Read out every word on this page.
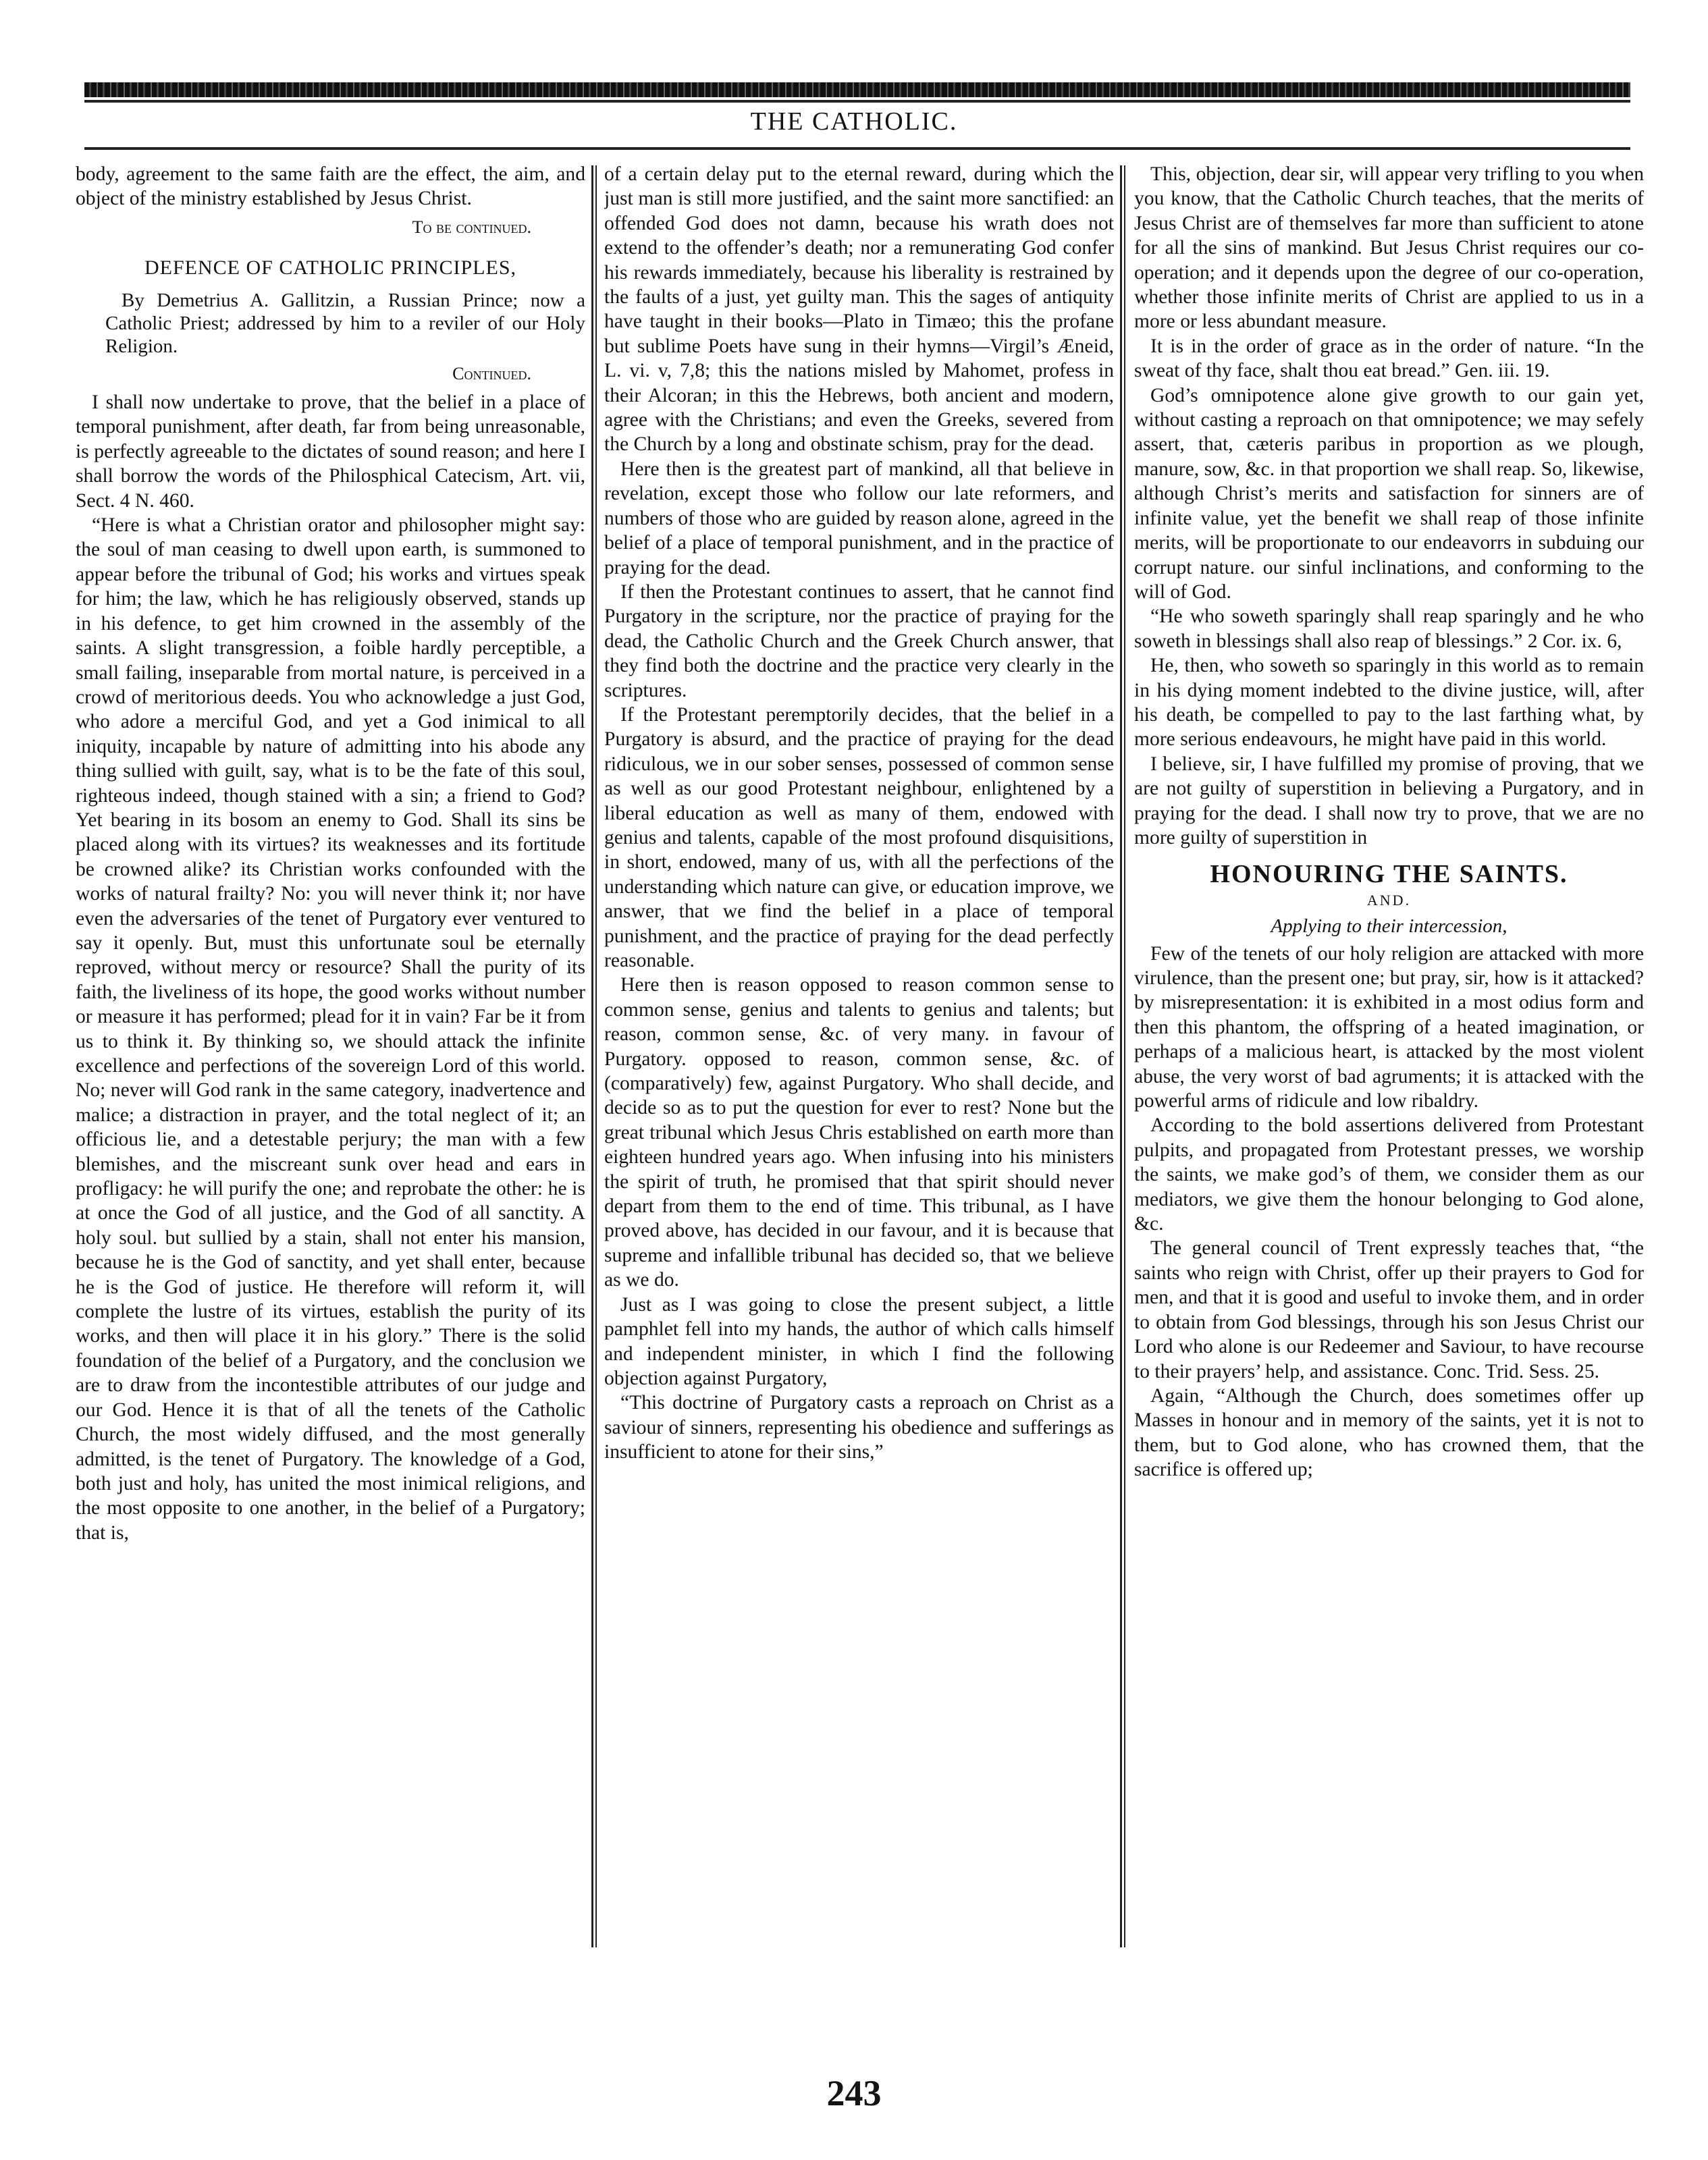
THE CATHOLIC.

body, agreement to the same faith are the effect, the aim, and object of the ministry established by Jesus Christ.

To be continued.
DEFENCE OF CATHOLIC PRINCIPLES,

By Demetrius A. Gallitzin, a Russian Prince; now a Catholic Priest; addressed by him to a reviler of our Holy Religion.

Continued.

I shall now undertake to prove, that the belief in a place of temporal punishment, after death, far from being unreasonable, is perfectly agreeable to the dictates of sound reason; and here I shall borrow the words of the Philosphical Catecism, Art. vii, Sect. 4 N. 460.

“Here is what a Christian orator and philosopher might say: the soul of man ceasing to dwell upon earth, is summoned to appear before the tribunal of God; his works and virtues speak for him; the law, which he has religiously observed, stands up in his defence, to get him crowned in the assembly of the saints. A slight transgression, a foible hardly perceptible, a small failing, inseparable from mortal nature, is perceived in a crowd of meritorious deeds. You who acknowledge a just God, who adore a merciful God, and yet a God inimical to all iniquity, incapable by nature of admitting into his abode any thing sullied with guilt, say, what is to be the fate of this soul, righteous indeed, though stained with a sin; a friend to God? Yet bearing in its bosom an enemy to God. Shall its sins be placed along with its virtues? its weaknesses and its fortitude be crowned alike? its Christian works confounded with the works of natural frailty? No: you will never think it; nor have even the adversaries of the tenet of Purgatory ever ventured to say it openly. But, must this unfortunate soul be eternally reproved, without mercy or resource? Shall the purity of its faith, the liveliness of its hope, the good works without number or measure it has performed; plead for it in vain? Far be it from us to think it. By thinking so, we should attack the infinite excellence and perfections of the sovereign Lord of this world. No; never will God rank in the same category, inadvertence and malice; a distraction in prayer, and the total neglect of it; an officious lie, and a detestable perjury; the man with a few blemishes, and the miscreant sunk over head and ears in profligacy: he will purify the one; and reprobate the other: he is at once the God of all justice, and the God of all sanctity. A holy soul. but sullied by a stain, shall not enter his mansion, because he is the God of sanctity, and yet shall enter, because he is the God of justice. He therefore will reform it, will complete the lustre of its virtues, establish the purity of its works, and then will place it in his glory.” There is the solid foundation of the belief of a Purgatory, and the conclusion we are to draw from the incontestible attributes of our judge and our God. Hence it is that of all the tenets of the Catholic Church, the most widely diffused, and the most generally admitted, is the tenet of Purgatory. The knowledge of a God, both just and holy, has united the most inimical religions, and the most opposite to one another, in the belief of a Purgatory; that is,

of a certain delay put to the eternal reward, during which the just man is still more justified, and the saint more sanctified: an offended God does not damn, because his wrath does not extend to the offender’s death; nor a remunerating God confer his rewards immediately, because his liberality is restrained by the faults of a just, yet guilty man. This the sages of antiquity have taught in their books—Plato in Timæo; this the profane but sublime Poets have sung in their hymns—Virgil’s Æneid, L. vi. v, 7,8; this the nations misled by Mahomet, profess in their Alcoran; in this the Hebrews, both ancient and modern, agree with the Christians; and even the Greeks, severed from the Church by a long and obstinate schism, pray for the dead.

Here then is the greatest part of mankind, all that believe in revelation, except those who follow our late reformers, and numbers of those who are guided by reason alone, agreed in the belief of a place of temporal punishment, and in the practice of praying for the dead.

If then the Protestant continues to assert, that he cannot find Purgatory in the scripture, nor the practice of praying for the dead, the Catholic Church and the Greek Church answer, that they find both the doctrine and the practice very clearly in the scriptures.

If the Protestant peremptorily decides, that the belief in a Purgatory is absurd, and the practice of praying for the dead ridiculous, we in our sober senses, possessed of common sense as well as our good Protestant neighbour, enlightened by a liberal education as well as many of them, endowed with genius and talents, capable of the most profound disquisitions, in short, endowed, many of us, with all the perfections of the understanding which nature can give, or education improve, we answer, that we find the belief in a place of temporal punishment, and the practice of praying for the dead perfectly reasonable.

Here then is reason opposed to reason common sense to common sense, genius and talents to genius and talents; but reason, common sense, &c. of very many. in favour of Purgatory. opposed to reason, common sense, &c. of (comparatively) few, against Purgatory. Who shall decide, and decide so as to put the question for ever to rest? None but the great tribunal which Jesus Chris established on earth more than eighteen hundred years ago. When infusing into his ministers the spirit of truth, he promised that that spirit should never depart from them to the end of time. This tribunal, as I have proved above, has decided in our favour, and it is because that supreme and infallible tribunal has decided so, that we believe as we do.

Just as I was going to close the present subject, a little pamphlet fell into my hands, the author of which calls himself and independent minister, in which I find the following objection against Purgatory,

“This doctrine of Purgatory casts a reproach on Christ as a saviour of sinners, representing his obedience and sufferings as insufficient to atone for their sins,”

This, objection, dear sir, will appear very trifling to you when you know, that the Catholic Church teaches, that the merits of Jesus Christ are of themselves far more than sufficient to atone for all the sins of mankind. But Jesus Christ requires our co-operation; and it depends upon the degree of our co-operation, whether those infinite merits of Christ are applied to us in a more or less abundant measure.

It is in the order of grace as in the order of nature. “In the sweat of thy face, shalt thou eat bread.” Gen. iii. 19.

God’s omnipotence alone give growth to our gain yet, without casting a reproach on that omnipotence; we may sefely assert, that, cæteris paribus in proportion as we plough, manure, sow, &c. in that proportion we shall reap. So, likewise, although Christ’s merits and satisfaction for sinners are of infinite value, yet the benefit we shall reap of those infinite merits, will be proportionate to our endeavorrs in subduing our corrupt nature. our sinful inclinations, and conforming to the will of God.

“He who soweth sparingly shall reap sparingly and he who soweth in blessings shall also reap of blessings.” 2 Cor. ix. 6,

He, then, who soweth so sparingly in this world as to remain in his dying moment indebted to the divine justice, will, after his death, be compelled to pay to the last farthing what, by more serious endeavours, he might have paid in this world.

I believe, sir, I have fulfilled my promise of proving, that we are not guilty of superstition in believing a Purgatory, and in praying for the dead. I shall now try to prove, that we are no more guilty of superstition in

HONOURING THE SAINTS.
AND.
Applying to their intercession,

Few of the tenets of our holy religion are attacked with more virulence, than the present one; but pray, sir, how is it attacked? by misrepresentation: it is exhibited in a most odius form and then this phantom, the offspring of a heated imagination, or perhaps of a malicious heart, is attacked by the most violent abuse, the very worst of bad agruments; it is attacked with the powerful arms of ridicule and low ribaldry.

According to the bold assertions delivered from Protestant pulpits, and propagated from Protestant presses, we worship the saints, we make god’s of them, we consider them as our mediators, we give them the honour belonging to God alone, &c.

The general council of Trent expressly teaches that, “the saints who reign with Christ, offer up their prayers to God for men, and that it is good and useful to invoke them, and in order to obtain from God blessings, through his son Jesus Christ our Lord who alone is our Redeemer and Saviour, to have recourse to their prayers’ help, and assistance. Conc. Trid. Sess. 25.

Again, “Although the Church, does sometimes offer up Masses in honour and in memory of the saints, yet it is not to them, but to God alone, who has crowned them, that the sacrifice is offered up;

243
